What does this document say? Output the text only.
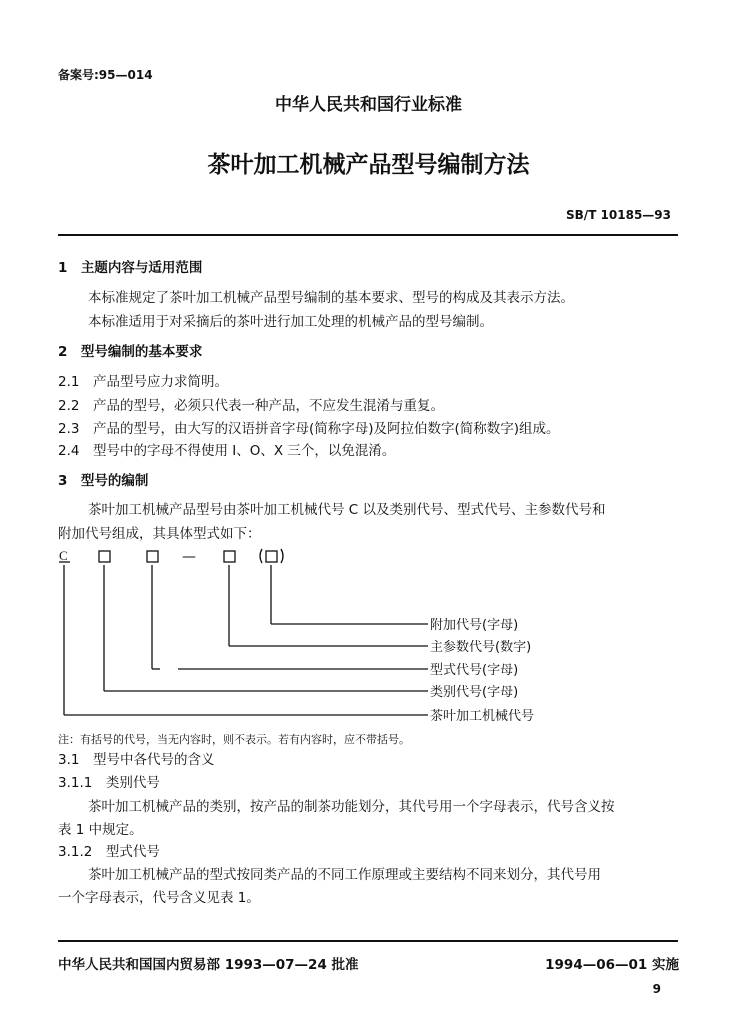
备案号:95—014
中华人民共和国行业标准
茶叶加工机械产品型号编制方法
SB/T 10185—93
1　主题内容与适用范围
本标准规定了茶叶加工机械产品型号编制的基本要求、型号的构成及其表示方法。
本标准适用于对采摘后的茶叶进行加工处理的机械产品的型号编制。
2　型号编制的基本要求
2.1　产品型号应力求简明。
2.2　产品的型号，必须只代表一种产品，不应发生混淆与重复。
2.3　产品的型号，由大写的汉语拼音字母(简称字母)及阿拉伯数字(简称数字)组成。
2.4　型号中的字母不得使用 I、O、X 三个，以免混淆。
3　型号的编制
茶叶加工机械产品型号由茶叶加工机械代号 C 以及类别代号、型式代号、主参数代号和
附加代号组成，其具体型式如下：
C	—
附加代号(字母)
主参数代号(数字)
型式代号(字母)
类别代号(字母)
茶叶加工机械代号
注：有括号的代号，当无内容时，则不表示。若有内容时，应不带括号。
3.1　型号中各代号的含义
3.1.1　类别代号
茶叶加工机械产品的类别，按产品的制茶功能划分，其代号用一个字母表示，代号含义按
表 1 中规定。
3.1.2　型式代号
茶叶加工机械产品的型式按同类产品的不同工作原理或主要结构不同来划分，其代号用
一个字母表示，代号含义见表 1。
中华人民共和国国内贸易部 1993—07—24 批准	1994—06—01 实施
9
